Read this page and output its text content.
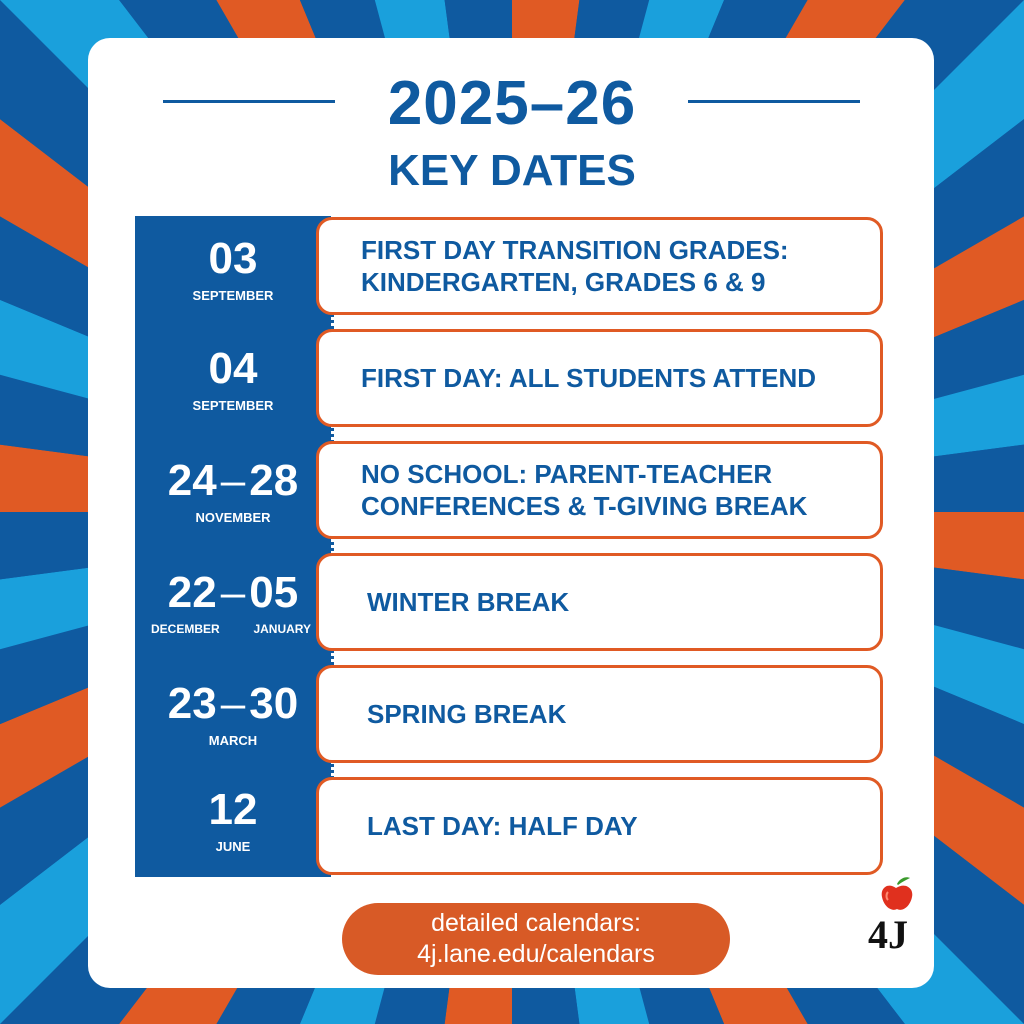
2025–26
KEY DATES
03
SEPTEMBER
FIRST DAY TRANSITION GRADES: KINDERGARTEN, GRADES 6 & 9
04
SEPTEMBER
FIRST DAY: ALL STUDENTS ATTEND
24–28
NOVEMBER
NO SCHOOL: PARENT-TEACHER CONFERENCES & T-GIVING BREAK
22–05
DECEMBER	JANUARY
WINTER BREAK
23–30
MARCH
SPRING BREAK
12
JUNE
LAST DAY: HALF DAY
detailed calendars:
4j.lane.edu/calendars	4J
